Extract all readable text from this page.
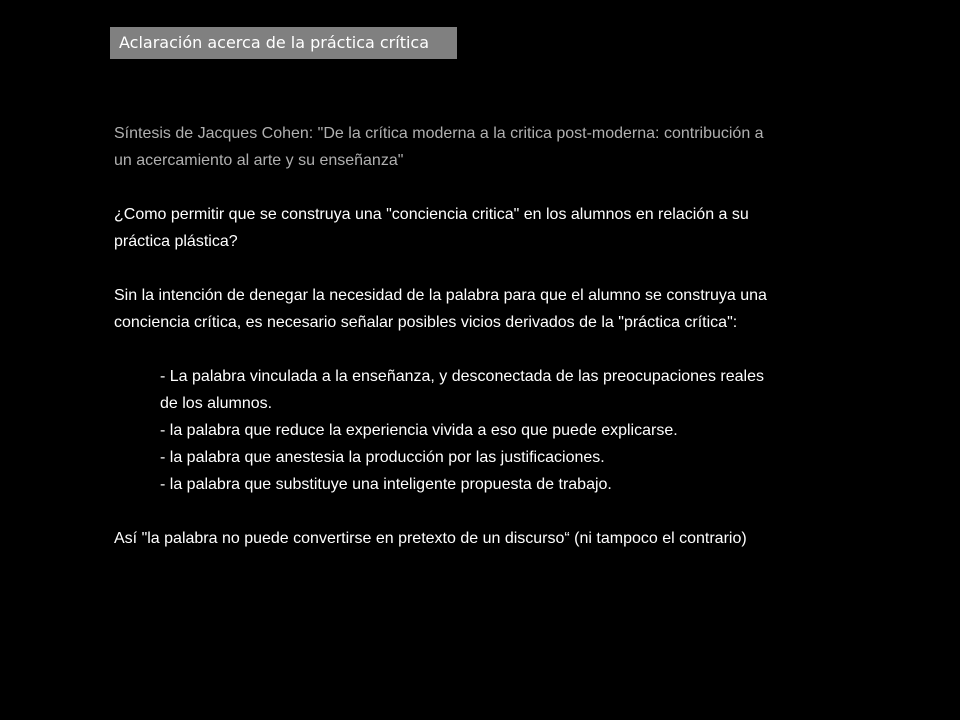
Aclaración acerca de la práctica crítica

Síntesis de Jacques Cohen: "De la crítica moderna a la critica post-moderna: contribución a

un acercamiento al arte y su enseñanza"

¿Como permitir que se construya una "conciencia critica" en los alumnos en relación a su

práctica plástica?

Sin la intención de denegar la necesidad de la palabra para que el alumno se construya una

conciencia crítica, es necesario señalar posibles vicios derivados de la "práctica crítica":

- La palabra vinculada a la enseñanza, y desconectada de las preocupaciones reales
de los alumnos.
- la palabra que reduce la experiencia vivida a eso que puede explicarse.
- la palabra que anestesia la producción por las justificaciones.
- la palabra que substituye una inteligente propuesta de trabajo.

Así "la palabra no puede convertirse en pretexto de un discurso“ (ni tampoco el contrario)
